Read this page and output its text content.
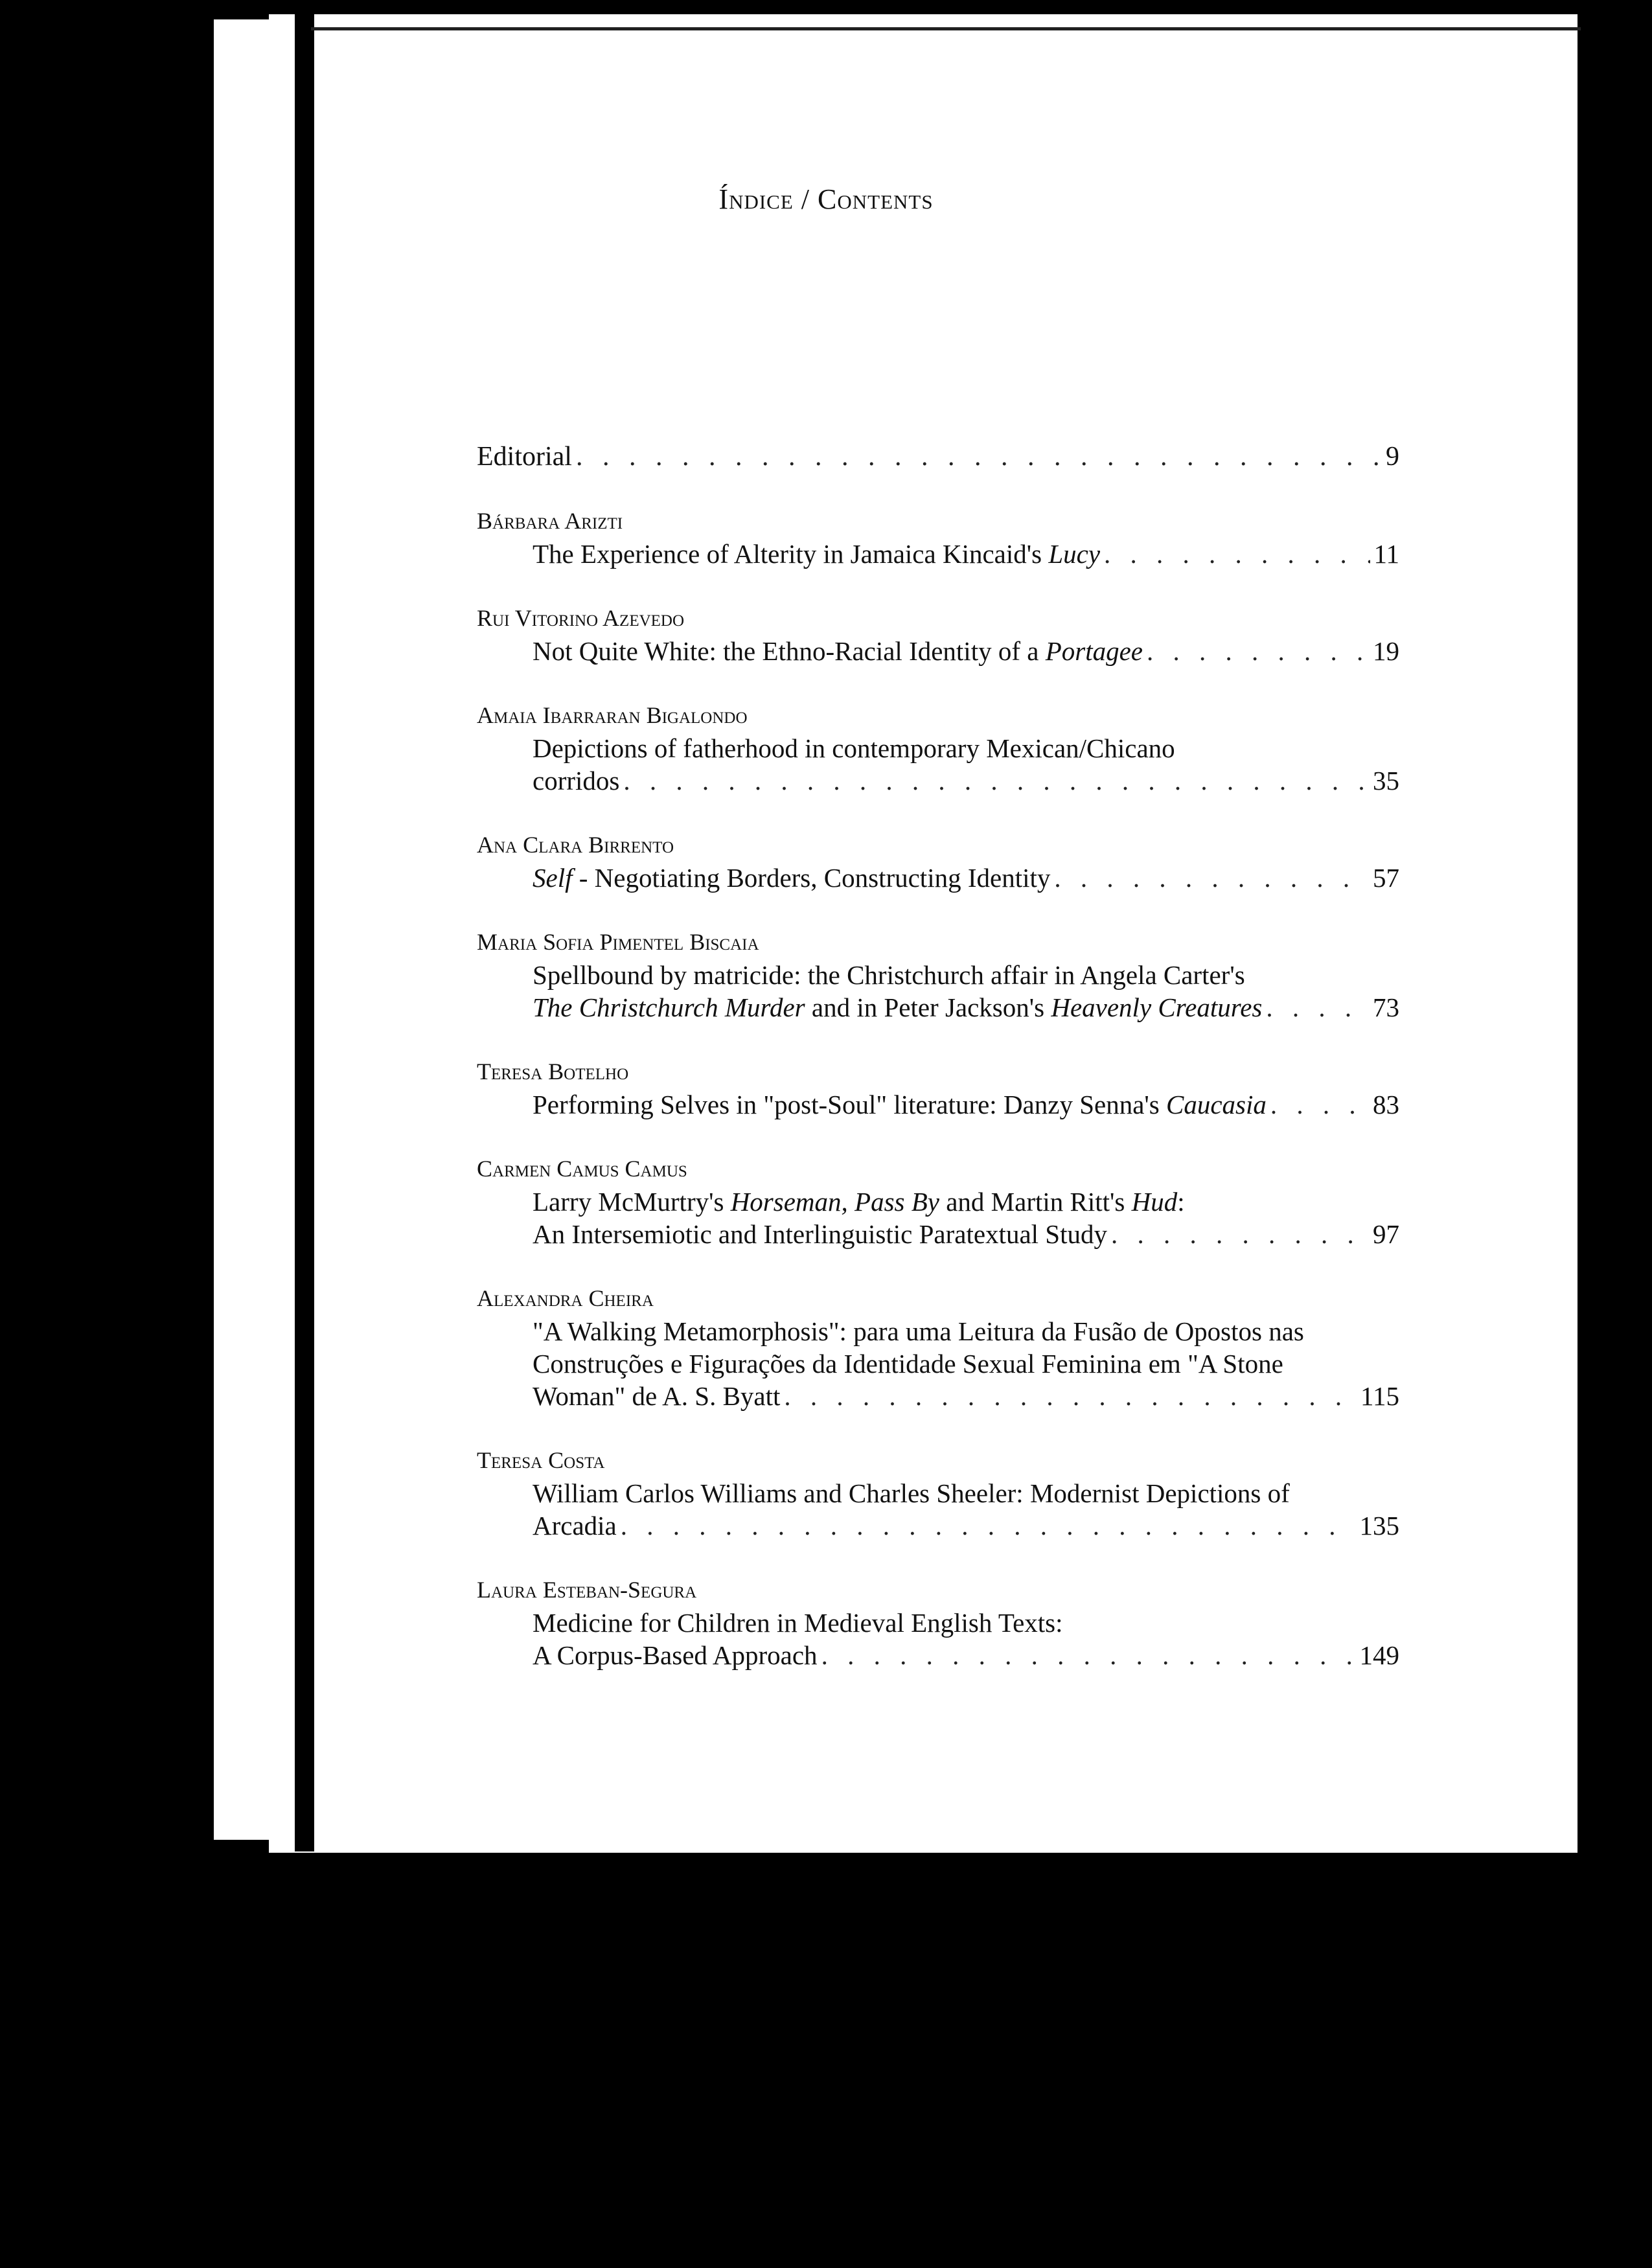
Índice / Contents
Editorial . . .	9
Bárbara Arizti
The Experience of Alterity in Jamaica Kincaid's Lucy . . .	11
Rui Vitorino Azevedo
Not Quite White: the Ethno-Racial Identity of a Portagee . . .	19
Amaia Ibarraran Bigalondo
Depictions of fatherhood in contemporary Mexican/Chicano
corridos . . .	35
Ana Clara Birrento
Self - Negotiating Borders, Constructing Identity . . .	57
Maria Sofia Pimentel Biscaia
Spellbound by matricide: the Christchurch affair in Angela Carter's
The Christchurch Murder and in Peter Jackson's Heavenly Creatures . . .	73
Teresa Botelho
Performing Selves in "post-Soul" literature: Danzy Senna's Caucasia . . .	83
Carmen Camus Camus
Larry McMurtry's Horseman, Pass By and Martin Ritt's Hud:
An Intersemiotic and Interlinguistic Paratextual Study . . .	97
Alexandra Cheira
"A Walking Metamorphosis": para uma Leitura da Fusão de Opostos nas
Construções e Figurações da Identidade Sexual Feminina em "A Stone
Woman" de A. S. Byatt . . .	115
Teresa Costa
William Carlos Williams and Charles Sheeler: Modernist Depictions of
Arcadia . . .	135
Laura Esteban-Segura
Medicine for Children in Medieval English Texts:
A Corpus-Based Approach . . .	149
